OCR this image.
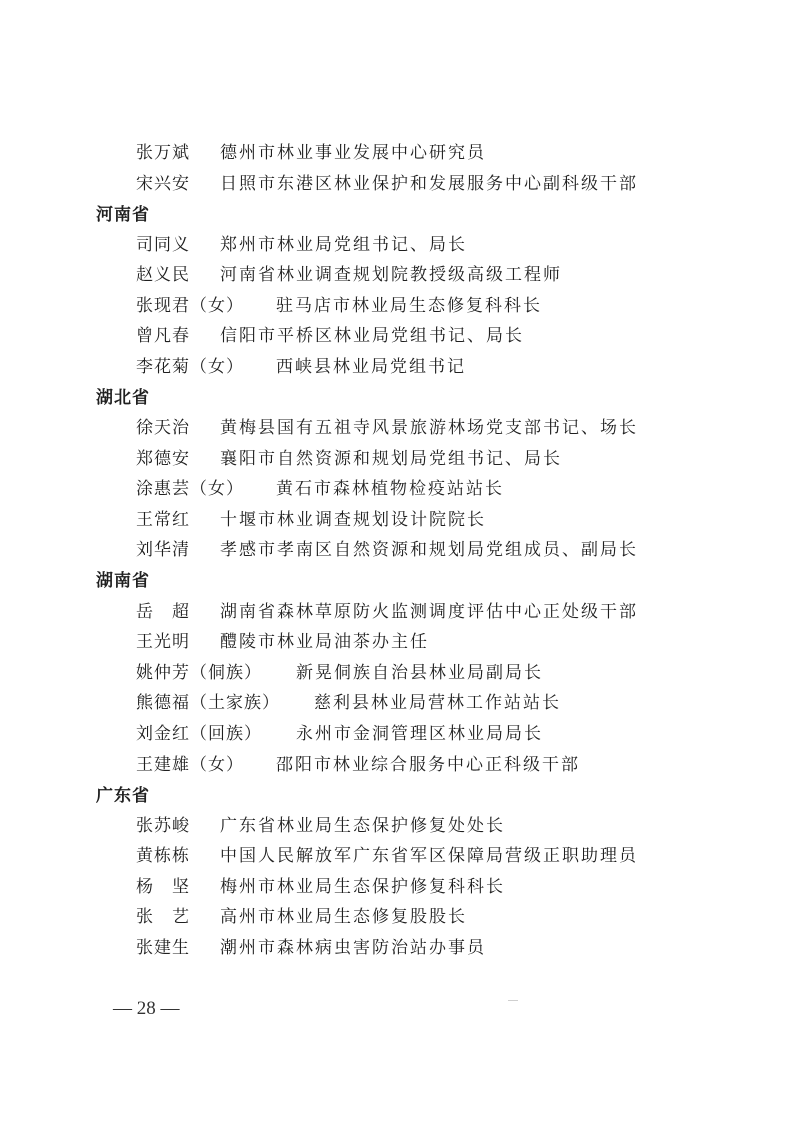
河南省
湖北省
湖南省
广东省
张万斌 德州市林业事业发展中心研究员
宋兴安 日照市东港区林业保护和发展服务中心副科级干部
司同义 郑州市林业局党组书记、局长
赵义民 河南省林业调查规划院教授级高级工程师
张现君（女） 驻马店市林业局生态修复科科长
曾凡春 信阳市平桥区林业局党组书记、局长
李花菊（女） 西峡县林业局党组书记
徐天治 黄梅县国有五祖寺风景旅游林场党支部书记、场长
郑德安 襄阳市自然资源和规划局党组书记、局长
涂惠芸（女） 黄石市森林植物检疫站站长
王常红 十堰市林业调查规划设计院院长
刘华清 孝感市孝南区自然资源和规划局党组成员、副局长
岳　超 湖南省森林草原防火监测调度评估中心正处级干部
王光明 醴陵市林业局油茶办主任
姚仲芳（侗族） 新晃侗族自治县林业局副局长
熊德福（土家族） 慈利县林业局营林工作站站长
刘金红（回族） 永州市金洞管理区林业局局长
王建雄（女） 邵阳市林业综合服务中心正科级干部
张苏峻 广东省林业局生态保护修复处处长
黄栋栋 中国人民解放军广东省军区保障局营级正职助理员
杨　坚 梅州市林业局生态保护修复科科长
张　艺 高州市林业局生态修复股股长
张建生 潮州市森林病虫害防治站办事员
— 28 —
